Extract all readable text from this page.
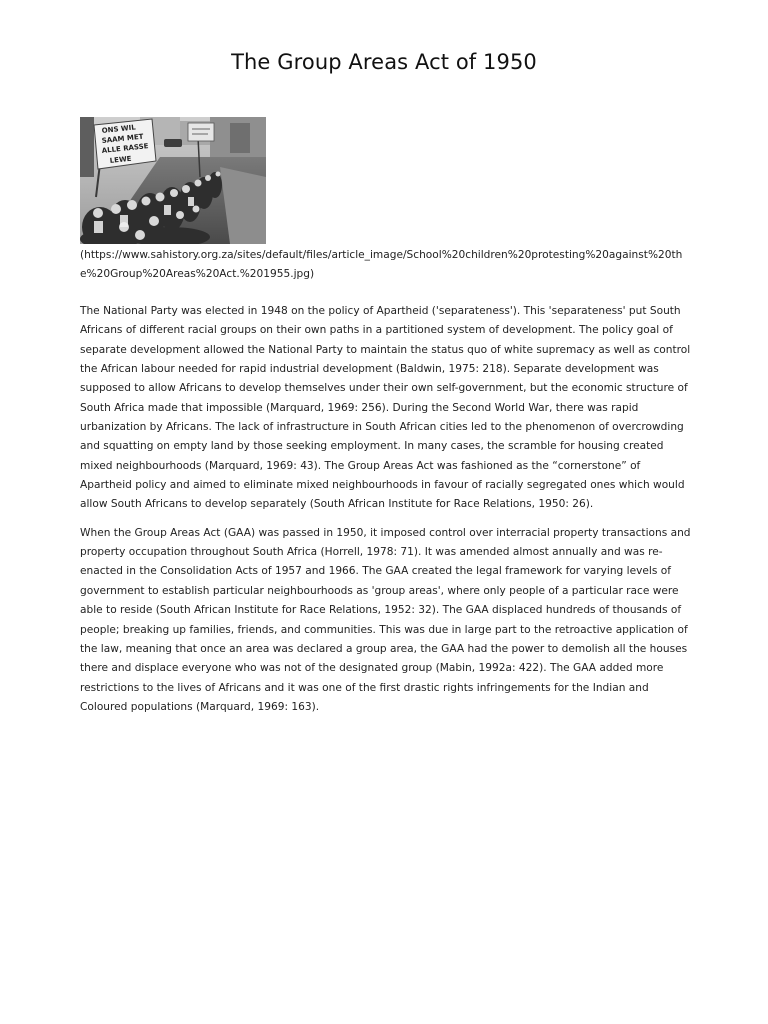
The Group Areas Act of 1950
ONS WIL
SAAM MET
ALLE RASSE
LEWE

(https://www.sahistory.org.za/sites/default/files/article_image/School%20children%20protesting%20against%20the%20Group%20Areas%20Act.%201955.jpg)

The National Party was elected in 1948 on the policy of Apartheid ('separateness'). This 'separateness' put South Africans of different racial groups on their own paths in a partitioned system of development. The policy goal of separate development allowed the National Party to maintain the status quo of white supremacy as well as control the African labour needed for rapid industrial development (Baldwin, 1975: 218). Separate development was supposed to allow Africans to develop themselves under their own self-government, but the economic structure of South Africa made that impossible (Marquard, 1969: 256). During the Second World War, there was rapid urbanization by Africans. The lack of infrastructure in South African cities led to the phenomenon of overcrowding and squatting on empty land by those seeking employment. In many cases, the scramble for housing created mixed neighbourhoods (Marquard, 1969: 43). The Group Areas Act was fashioned as the “cornerstone” of Apartheid policy and aimed to eliminate mixed neighbourhoods in favour of racially segregated ones which would allow South Africans to develop separately (South African Institute for Race Relations, 1950: 26).

When the Group Areas Act (GAA) was passed in 1950, it imposed control over interracial property transactions and property occupation throughout South Africa (Horrell, 1978: 71). It was amended almost annually and was re-enacted in the Consolidation Acts of 1957 and 1966. The GAA created the legal framework for varying levels of government to establish particular neighbourhoods as 'group areas', where only people of a particular race were able to reside (South African Institute for Race Relations, 1952: 32). The GAA displaced hundreds of thousands of people; breaking up families, friends, and communities. This was due in large part to the retroactive application of the law, meaning that once an area was declared a group area, the GAA had the power to demolish all the houses there and displace everyone who was not of the designated group (Mabin, 1992a: 422). The GAA added more restrictions to the lives of Africans and it was one of the first drastic rights infringements for the Indian and Coloured populations (Marquard, 1969: 163).
